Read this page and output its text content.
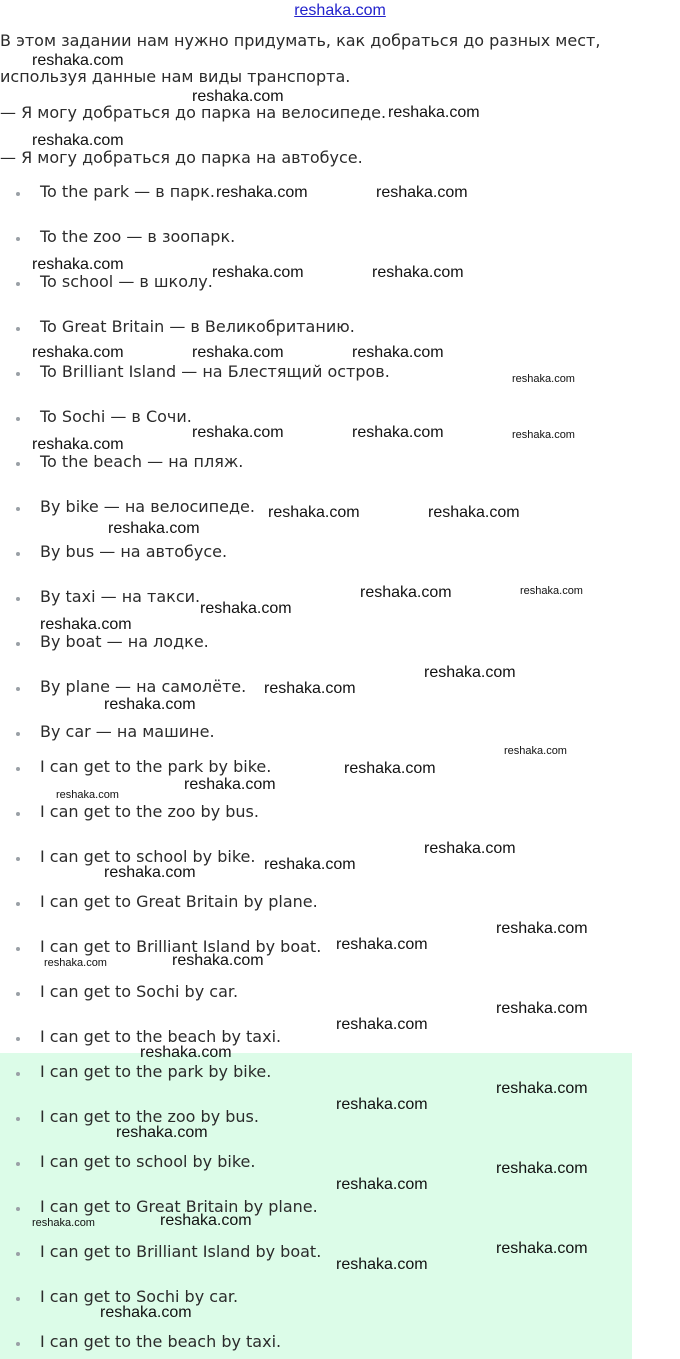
reshaka.com
В этом задании нам нужно придумать, как добраться до разных мест,
используя данные нам виды транспорта.
— Я могу добраться до парка на велосипеде.
— Я могу добраться до парка на автобусе.
To the park — в парк.
To the zoo — в зоопарк.
To school — в школу.
To Great Britain — в Великобританию.
To Brilliant Island — на Блестящий остров.
To Sochi — в Сочи.
To the beach — на пляж.
By bike — на велосипеде.
By bus — на автобусе.
By taxi — на такси.
By boat — на лодке.
By plane — на самолёте.
By car — на машине.
I can get to the park by bike.
I can get to the zoo by bus.
I can get to school by bike.
I can get to Great Britain by plane.
I can get to Brilliant Island by boat.
I can get to Sochi by car.
I can get to the beach by taxi.
I can get to the park by bike.
I can get to the zoo by bus.
I can get to school by bike.
I can get to Great Britain by plane.
I can get to Brilliant Island by boat.
I can get to Sochi by car.
I can get to the beach by taxi.
reshaka.com
reshaka.com
reshaka.com
reshaka.com
reshaka.com	reshaka.com
reshaka.com	reshaka.com	reshaka.com
reshaka.com	reshaka.com	reshaka.com
reshaka.com
reshaka.com	reshaka.com	reshaka.com
reshaka.com
reshaka.com	reshaka.com
reshaka.com
reshaka.com	reshaka.com
reshaka.com
reshaka.com
reshaka.com
reshaka.com
reshaka.com
reshaka.com
reshaka.com
reshaka.com
reshaka.com
reshaka.com
reshaka.com
reshaka.com
reshaka.com
reshaka.com
reshaka.com
reshaka.com
reshaka.com
reshaka.com
reshaka.com
reshaka.com
reshaka.com
reshaka.com
reshaka.com
reshaka.com
reshaka.com
reshaka.com
reshaka.com
reshaka.com
reshaka.com
